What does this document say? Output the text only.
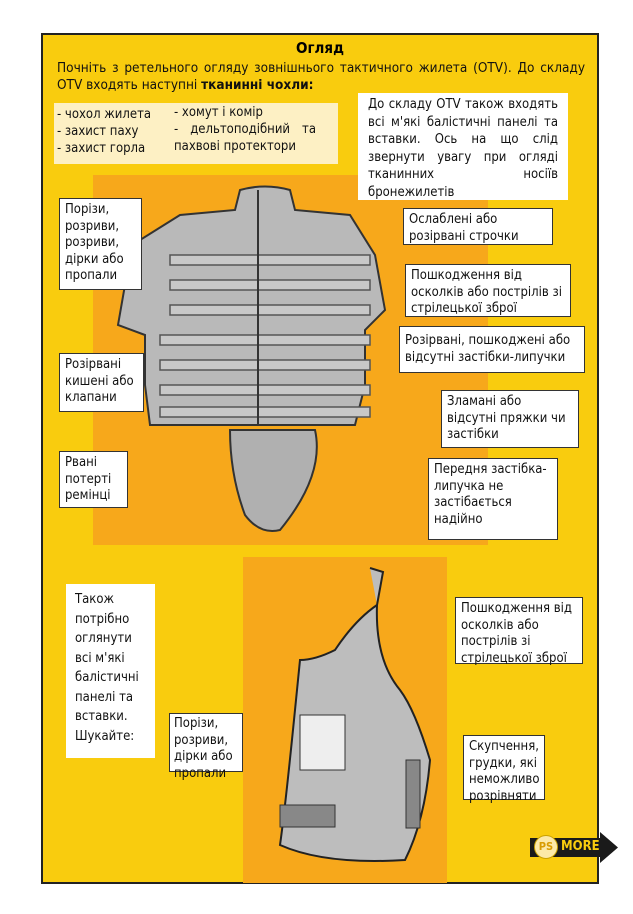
Огляд
Почніть з ретельного огляду зовнішнього тактичного жилета (OTV). До складу OTV входять наступні тканинні чохли:
- чохол жилета
- захист паху
- захист горла
- хомут і комір
- дельтоподібний та пахвові протектори
До складу OTV також входять всі м'які балістичні панелі та вставки. Ось на що слід звернути увагу при огляді тканинних носіїв бронежилетів
Порізи, розриви, розриви, дірки або пропали
Розірвані кишені або клапани
Рвані потерті ремінці
Ослаблені або розірвані строчки
Пошкодження від осколків або пострілів зі стрілецької зброї
Розірвані, пошкоджені або відсутні застібки-липучки
Зламані або відсутні пряжки чи застібки
Передня застібка-липучка не застібається надійно
Також потрібно оглянути всі м'які балістичні панелі та вставки. Шукайте:
Порізи, розриви, дірки або пропали
Пошкодження від осколків або пострілів зі стрілецької зброї
Скупчення, грудки, які неможливо розрівняти
PS MORE
